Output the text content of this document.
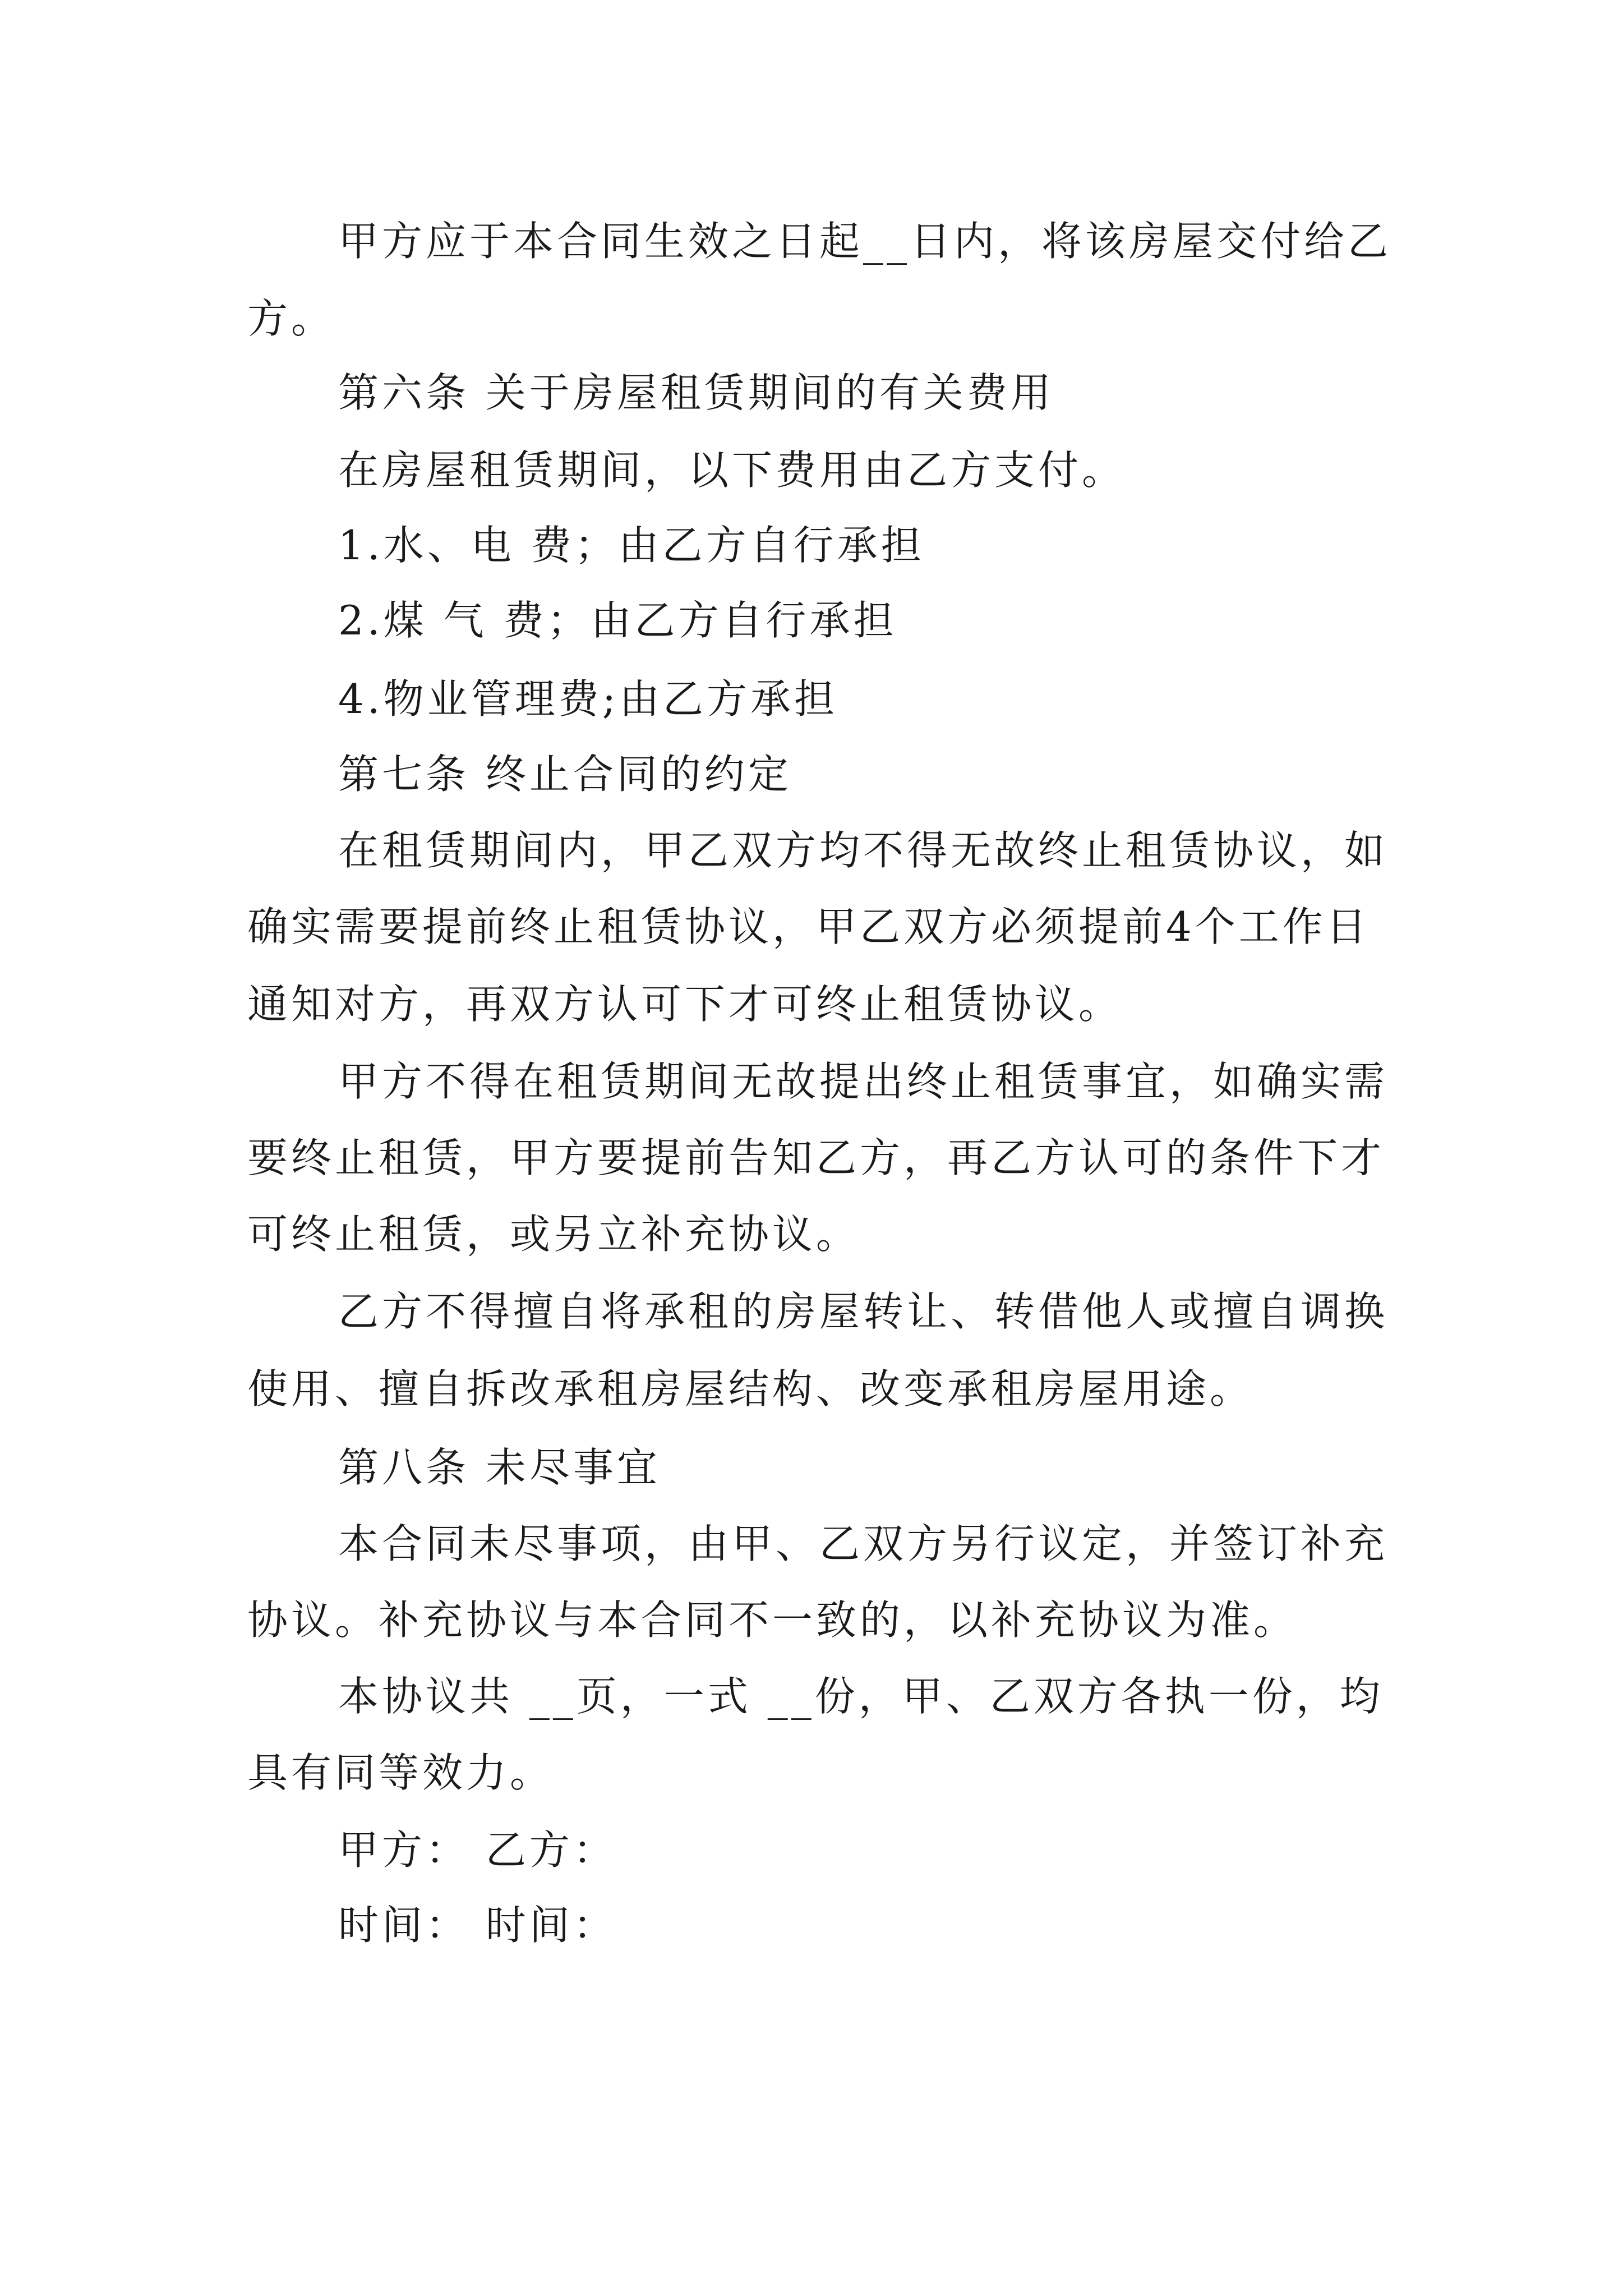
甲方应于本合同生效之日起__日内，将该房屋交付给乙
方。
第六条 关于房屋租赁期间的有关费用
在房屋租赁期间，以下费用由乙方支付。
1.水、电 费；由乙方自行承担
2.煤 气 费；由乙方自行承担
4.物业管理费;由乙方承担
第七条 终止合同的约定
在租赁期间内，甲乙双方均不得无故终止租赁协议，如
确实需要提前终止租赁协议，甲乙双方必须提前4个工作日
通知对方，再双方认可下才可终止租赁协议。
甲方不得在租赁期间无故提出终止租赁事宜，如确实需
要终止租赁，甲方要提前告知乙方，再乙方认可的条件下才
可终止租赁，或另立补充协议。
乙方不得擅自将承租的房屋转让、转借他人或擅自调换
使用、擅自拆改承租房屋结构、改变承租房屋用途。
第八条 未尽事宜
本合同未尽事项，由甲、乙双方另行议定，并签订补充
协议。补充协议与本合同不一致的，以补充协议为准。
本协议共 __页，一式 __份，甲、乙双方各执一份，均
具有同等效力。
甲方： 乙方：
时间： 时间：
